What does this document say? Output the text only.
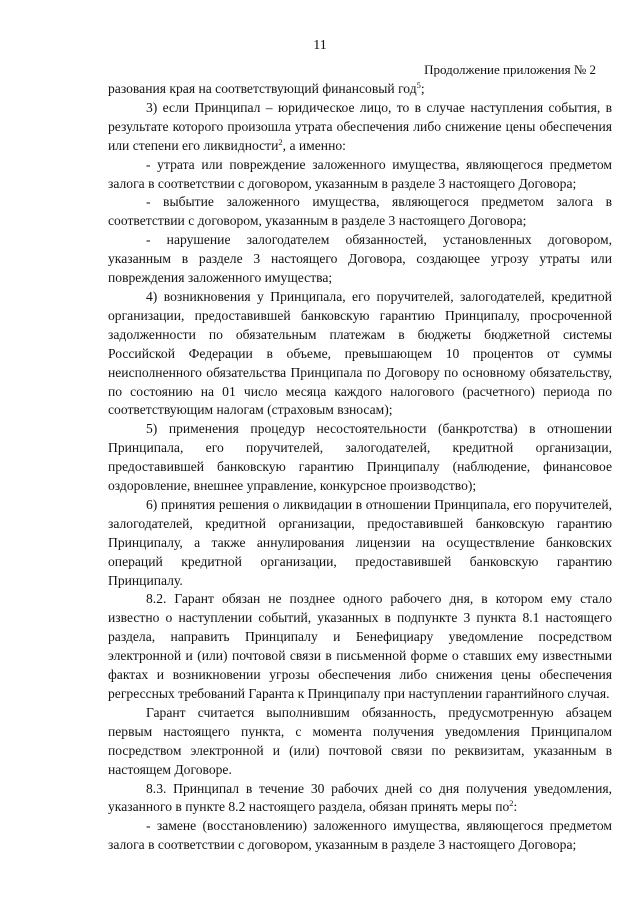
11
Продолжение приложения № 2

разования края на соответствующий финансовый год$^5$;

3) если Принципал – юридическое лицо, то в случае наступления события, в результате которого произошла утрата обеспечения либо снижение цены обеспечения или степени его ликвидности$^2$, а именно:

- утрата или повреждение заложенного имущества, являющегося предметом залога в соответствии с договором, указанным в разделе 3 настоящего Договора;

- выбытие заложенного имущества, являющегося предметом залога в соответствии с договором, указанным в разделе 3 настоящего Договора;

- нарушение залогодателем обязанностей, установленных договором, указанным в разделе 3 настоящего Договора, создающее угрозу утраты или повреждения заложенного имущества;

4) возникновения у Принципала, его поручителей, залогодателей, кредитной организации, предоставившей банковскую гарантию Принципалу, просроченной задолженности по обязательным платежам в бюджеты бюджетной системы Российской Федерации в объеме, превышающем 10 процентов от суммы неисполненного обязательства Принципала по Договору по основному обязательству, по состоянию на 01 число месяца каждого налогового (расчетного) периода по соответствующим налогам (страховым взносам);

5) применения процедур несостоятельности (банкротства) в отношении Принципала, его поручителей, залогодателей, кредитной организации, предоставившей банковскую гарантию Принципалу (наблюдение, финансовое оздоровление, внешнее управление, конкурсное производство);

6) принятия решения о ликвидации в отношении Принципала, его поручителей, залогодателей, кредитной организации, предоставившей банковскую гарантию Принципалу, а также аннулирования лицензии на осуществление банковских операций кредитной организации, предоставившей банковскую гарантию Принципалу.

8.2. Гарант обязан не позднее одного рабочего дня, в котором ему стало известно о наступлении событий, указанных в подпункте 3 пункта 8.1 настоящего раздела, направить Принципалу и Бенефициару уведомление посредством электронной и (или) почтовой связи в письменной форме о ставших ему известными фактах и возникновении угрозы обеспечения либо снижения цены обеспечения регрессных требований Гаранта к Принципалу при наступлении гарантийного случая.

Гарант считается выполнившим обязанность, предусмотренную абзацем первым настоящего пункта, с момента получения уведомления Принципалом посредством электронной и (или) почтовой связи по реквизитам, указанным в настоящем Договоре.

8.3. Принципал в течение 30 рабочих дней со дня получения уведомления, указанного в пункте 8.2 настоящего раздела, обязан принять меры $по^2$:

- замене (восстановлению) заложенного имущества, являющегося предметом залога в соответствии с договором, указанным в разделе 3 настоящего Договора;
